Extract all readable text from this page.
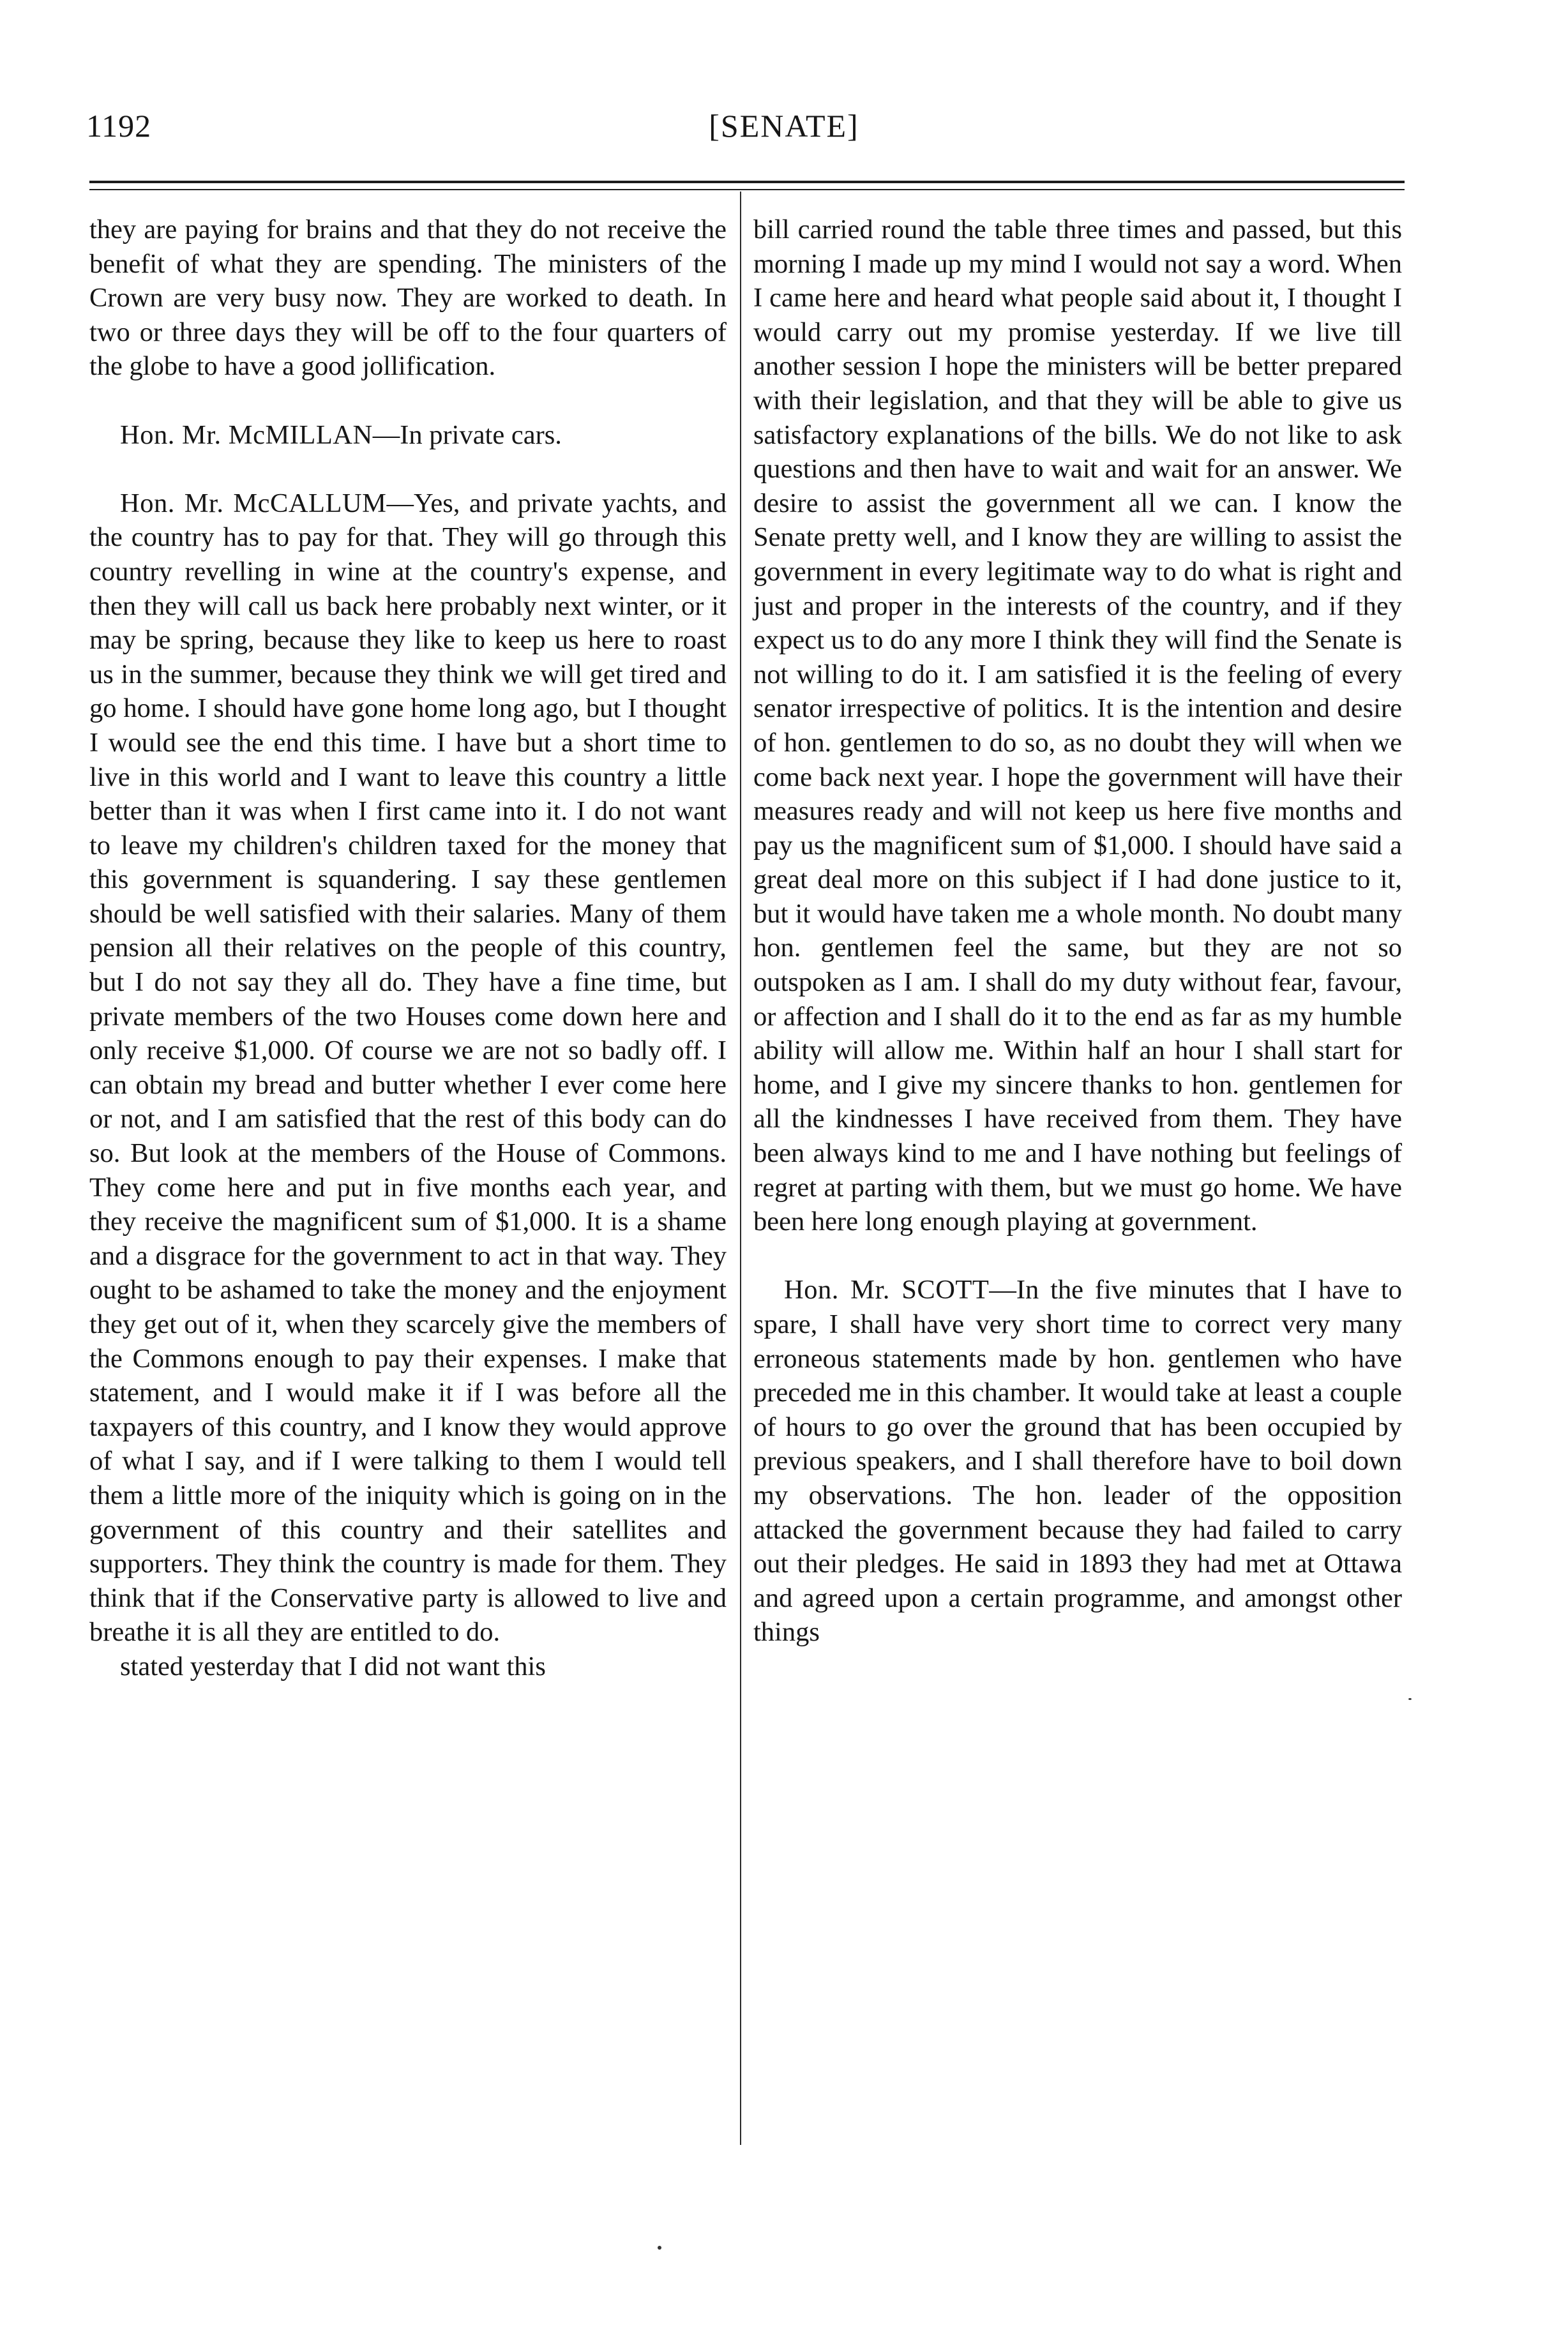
1192	[SENATE]

they are paying for brains and that they do not receive the benefit of what they are spending. The ministers of the Crown are very busy now. They are worked to death. In two or three days they will be off to the four quarters of the globe to have a good jollification.

Hon. Mr. McMILLAN—In private cars.

Hon. Mr. McCALLUM—Yes, and private yachts, and the country has to pay for that. They will go through this country revelling in wine at the country's expense, and then they will call us back here probably next winter, or it may be spring, because they like to keep us here to roast us in the summer, because they think we will get tired and go home. I should have gone home long ago, but I thought I would see the end this time. I have but a short time to live in this world and I want to leave this country a little better than it was when I first came into it. I do not want to leave my children's children taxed for the money that this government is squandering. I say these gentlemen should be well satisfied with their salaries. Many of them pension all their relatives on the people of this country, but I do not say they all do. They have a fine time, but private members of the two Houses come down here and only receive $1,000. Of course we are not so badly off. I can obtain my bread and butter whether I ever come here or not, and I am satisfied that the rest of this body can do so. But look at the members of the House of Commons. They come here and put in five months each year, and they receive the magnificent sum of $1,000. It is a shame and a disgrace for the government to act in that way. They ought to be ashamed to take the money and the enjoyment they get out of it, when they scarcely give the members of the Commons enough to pay their expenses. I make that statement, and I would make it if I was before all the taxpayers of this country, and I know they would approve of what I say, and if I were talking to them I would tell them a little more of the iniquity which is going on in the government of this country and their satellites and supporters. They think the country is made for them. They think that if the Conservative party is allowed to live and breathe it is all they are entitled to do.

stated yesterday that I did not want this

bill carried round the table three times and passed, but this morning I made up my mind I would not say a word. When I came here and heard what people said about it, I thought I would carry out my promise yesterday. If we live till another session I hope the ministers will be better prepared with their legislation, and that they will be able to give us satisfactory explanations of the bills. We do not like to ask questions and then have to wait and wait for an answer. We desire to assist the government all we can. I know the Senate pretty well, and I know they are willing to assist the government in every legitimate way to do what is right and just and proper in the interests of the country, and if they expect us to do any more I think they will find the Senate is not willing to do it. I am satisfied it is the feeling of every senator irrespective of politics. It is the intention and desire of hon. gentlemen to do so, as no doubt they will when we come back next year. I hope the government will have their measures ready and will not keep us here five months and pay us the magnificent sum of $1,000. I should have said a great deal more on this subject if I had done justice to it, but it would have taken me a whole month. No doubt many hon. gentlemen feel the same, but they are not so outspoken as I am. I shall do my duty without fear, favour, or affection and I shall do it to the end as far as my humble ability will allow me. Within half an hour I shall start for home, and I give my sincere thanks to hon. gentlemen for all the kindnesses I have received from them. They have been always kind to me and I have nothing but feelings of regret at parting with them, but we must go home. We have been here long enough playing at government.

Hon. Mr. SCOTT—In the five minutes that I have to spare, I shall have very short time to correct very many erroneous statements made by hon. gentlemen who have preceded me in this chamber. It would take at least a couple of hours to go over the ground that has been occupied by previous speakers, and I shall therefore have to boil down my observations. The hon. leader of the opposition attacked the government because they had failed to carry out their pledges. He said in 1893 they had met at Ottawa and agreed upon a certain programme, and amongst other things
